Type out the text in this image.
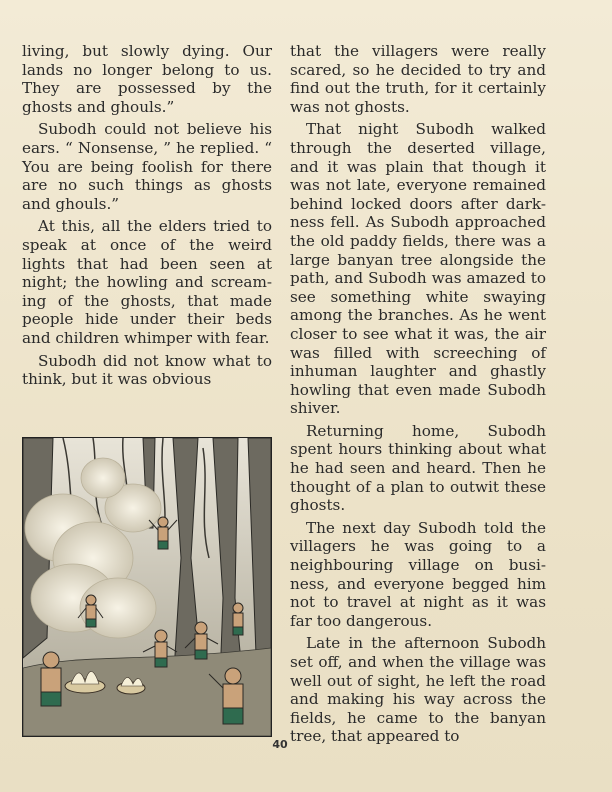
living, but slowly dying. Our lands no longer belong to us. They are possessed by the ghosts and ghouls.”

Subodh could not believe his ears. “ Nonsense, ” he replied. “ You are being foolish for there are no such things as ghosts and ghouls.”

At this, all the elders tried to speak at once of the weird lights that had been seen at night; the howling and scream-ing of the ghosts, that made people hide under their beds and children whimper with fear.

Subodh did not know what to think, but it was obvious

that the villagers were really scared, so he decided to try and find out the truth, for it certainly was not ghosts.

That night Subodh walked through the deserted village, and it was plain that though it was not late, everyone remained behind locked doors after dark-ness fell. As Subodh approached the old paddy fields, there was a large banyan tree alongside the path, and Subodh was amazed to see something white swaying among the branches. As he went closer to see what it was, the air was filled with screeching of inhuman laughter and ghastly howling that even made Subodh shiver.

Returning home, Subodh spent hours thinking about what he had seen and heard. Then he thought of a plan to outwit these ghosts.

The next day Subodh told the villagers he was going to a neighbouring village on busi-ness, and everyone begged him not to travel at night as it was far too dangerous.

Late in the afternoon Subodh set off, and when the village was well out of sight, he left the road and making his way across the fields, he came to the banyan tree, that appeared to

40
